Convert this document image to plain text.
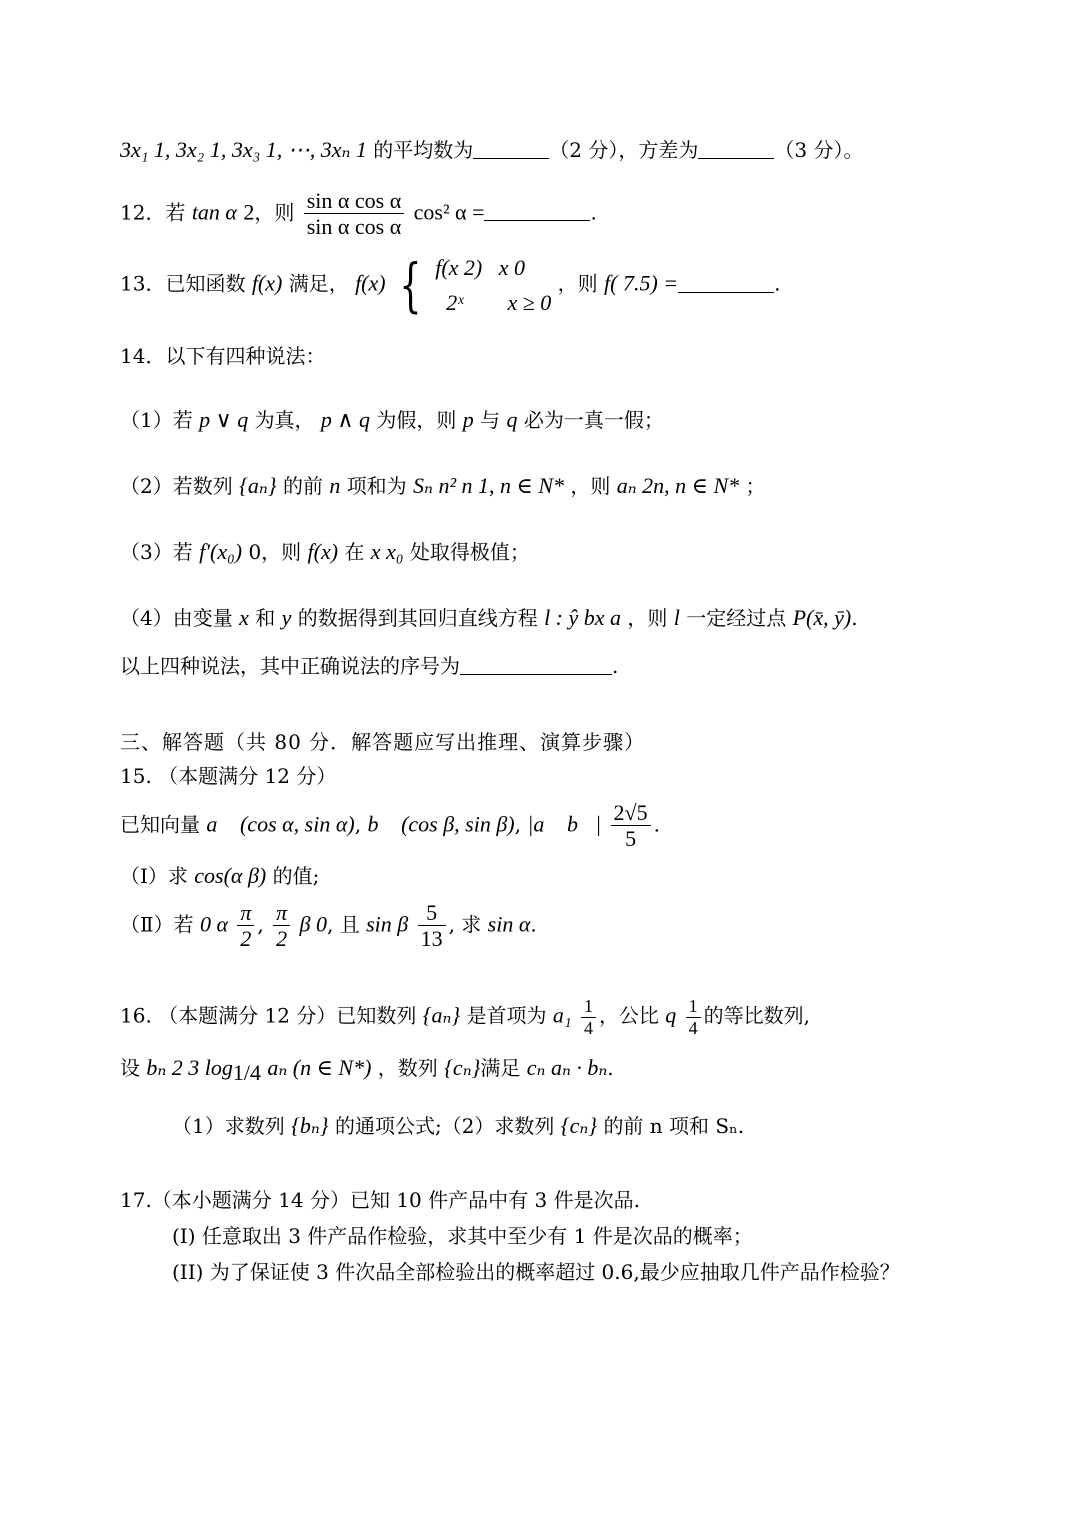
3x₁ 1, 3x₂ 1, 3x₃ 1, ⋯, 3xₙ 1 的平均数为	（2 分），方差为	（3 分）。
12．若 tan α 2，则 $\frac{\text{sin α cos α}}{\text{sin α cos α}} \cos^2$ α =	.
13．已知函数 f(x) 满足， f(x) { f(x 2) x 0
2ˣ x ≥ 0
，则 f( 7.5) =	.
14．以下有四种说法：
（1）若 p ∨ q 为真， p ∧ q 为假，则 p 与 q 必为一真一假；
（2）若数列 {aₙ} 的前 n 项和为 Sₙ n² n 1, n ∈ N* ，则 aₙ 2n, n ∈ N* ；
（3）若 f′(x₀) 0，则 f(x) 在 x x₀ 处取得极值；
（4）由变量 x 和 y 的数据得到其回归直线方程 l : ŷ bx a ，则 l 一定经过点 P(x̄, ȳ).
以上四种说法，其中正确说法的序号为	.
三、解答题（共 80 分．解答题应写出推理、演算步骤）
15. （本题满分 12 分）
已知向量 a⃗ (cos α, sin α), b⃗ (cos β, sin β), |a⃗ b⃗| $\frac{2√5}{5}$ .
（Ⅰ）求 cos(α β) 的值;
（Ⅱ）若 0 α $\frac{\pi}{2}$ , $\frac{\pi}{2}$ β 0, 且 sin β $\frac{5}{13}$ , 求 sin α.
16. （本题满分 12 分）已知数列 {aₙ} 是首项为 $a_1 \frac{1}{4}$ ，公比 q $\frac{1}{4}$ 的等比数列,
设 bₙ 2 3 $\log_{1/4} a_n$ (n ∈ N*) ，数列 {cₙ}满足 cₙ aₙ · bₙ.
（1）求数列 {bₙ} 的通项公式;（2）求数列 {cₙ} 的前 n 项和 Sₙ.
17.（本小题满分 14 分）已知 10 件产品中有 3 件是次品.
(I) 任意取出 3 件产品作检验，求其中至少有 1 件是次品的概率；
(II) 为了保证使 3 件次品全部检验出的概率超过 0.6,最少应抽取几件产品作检验？
